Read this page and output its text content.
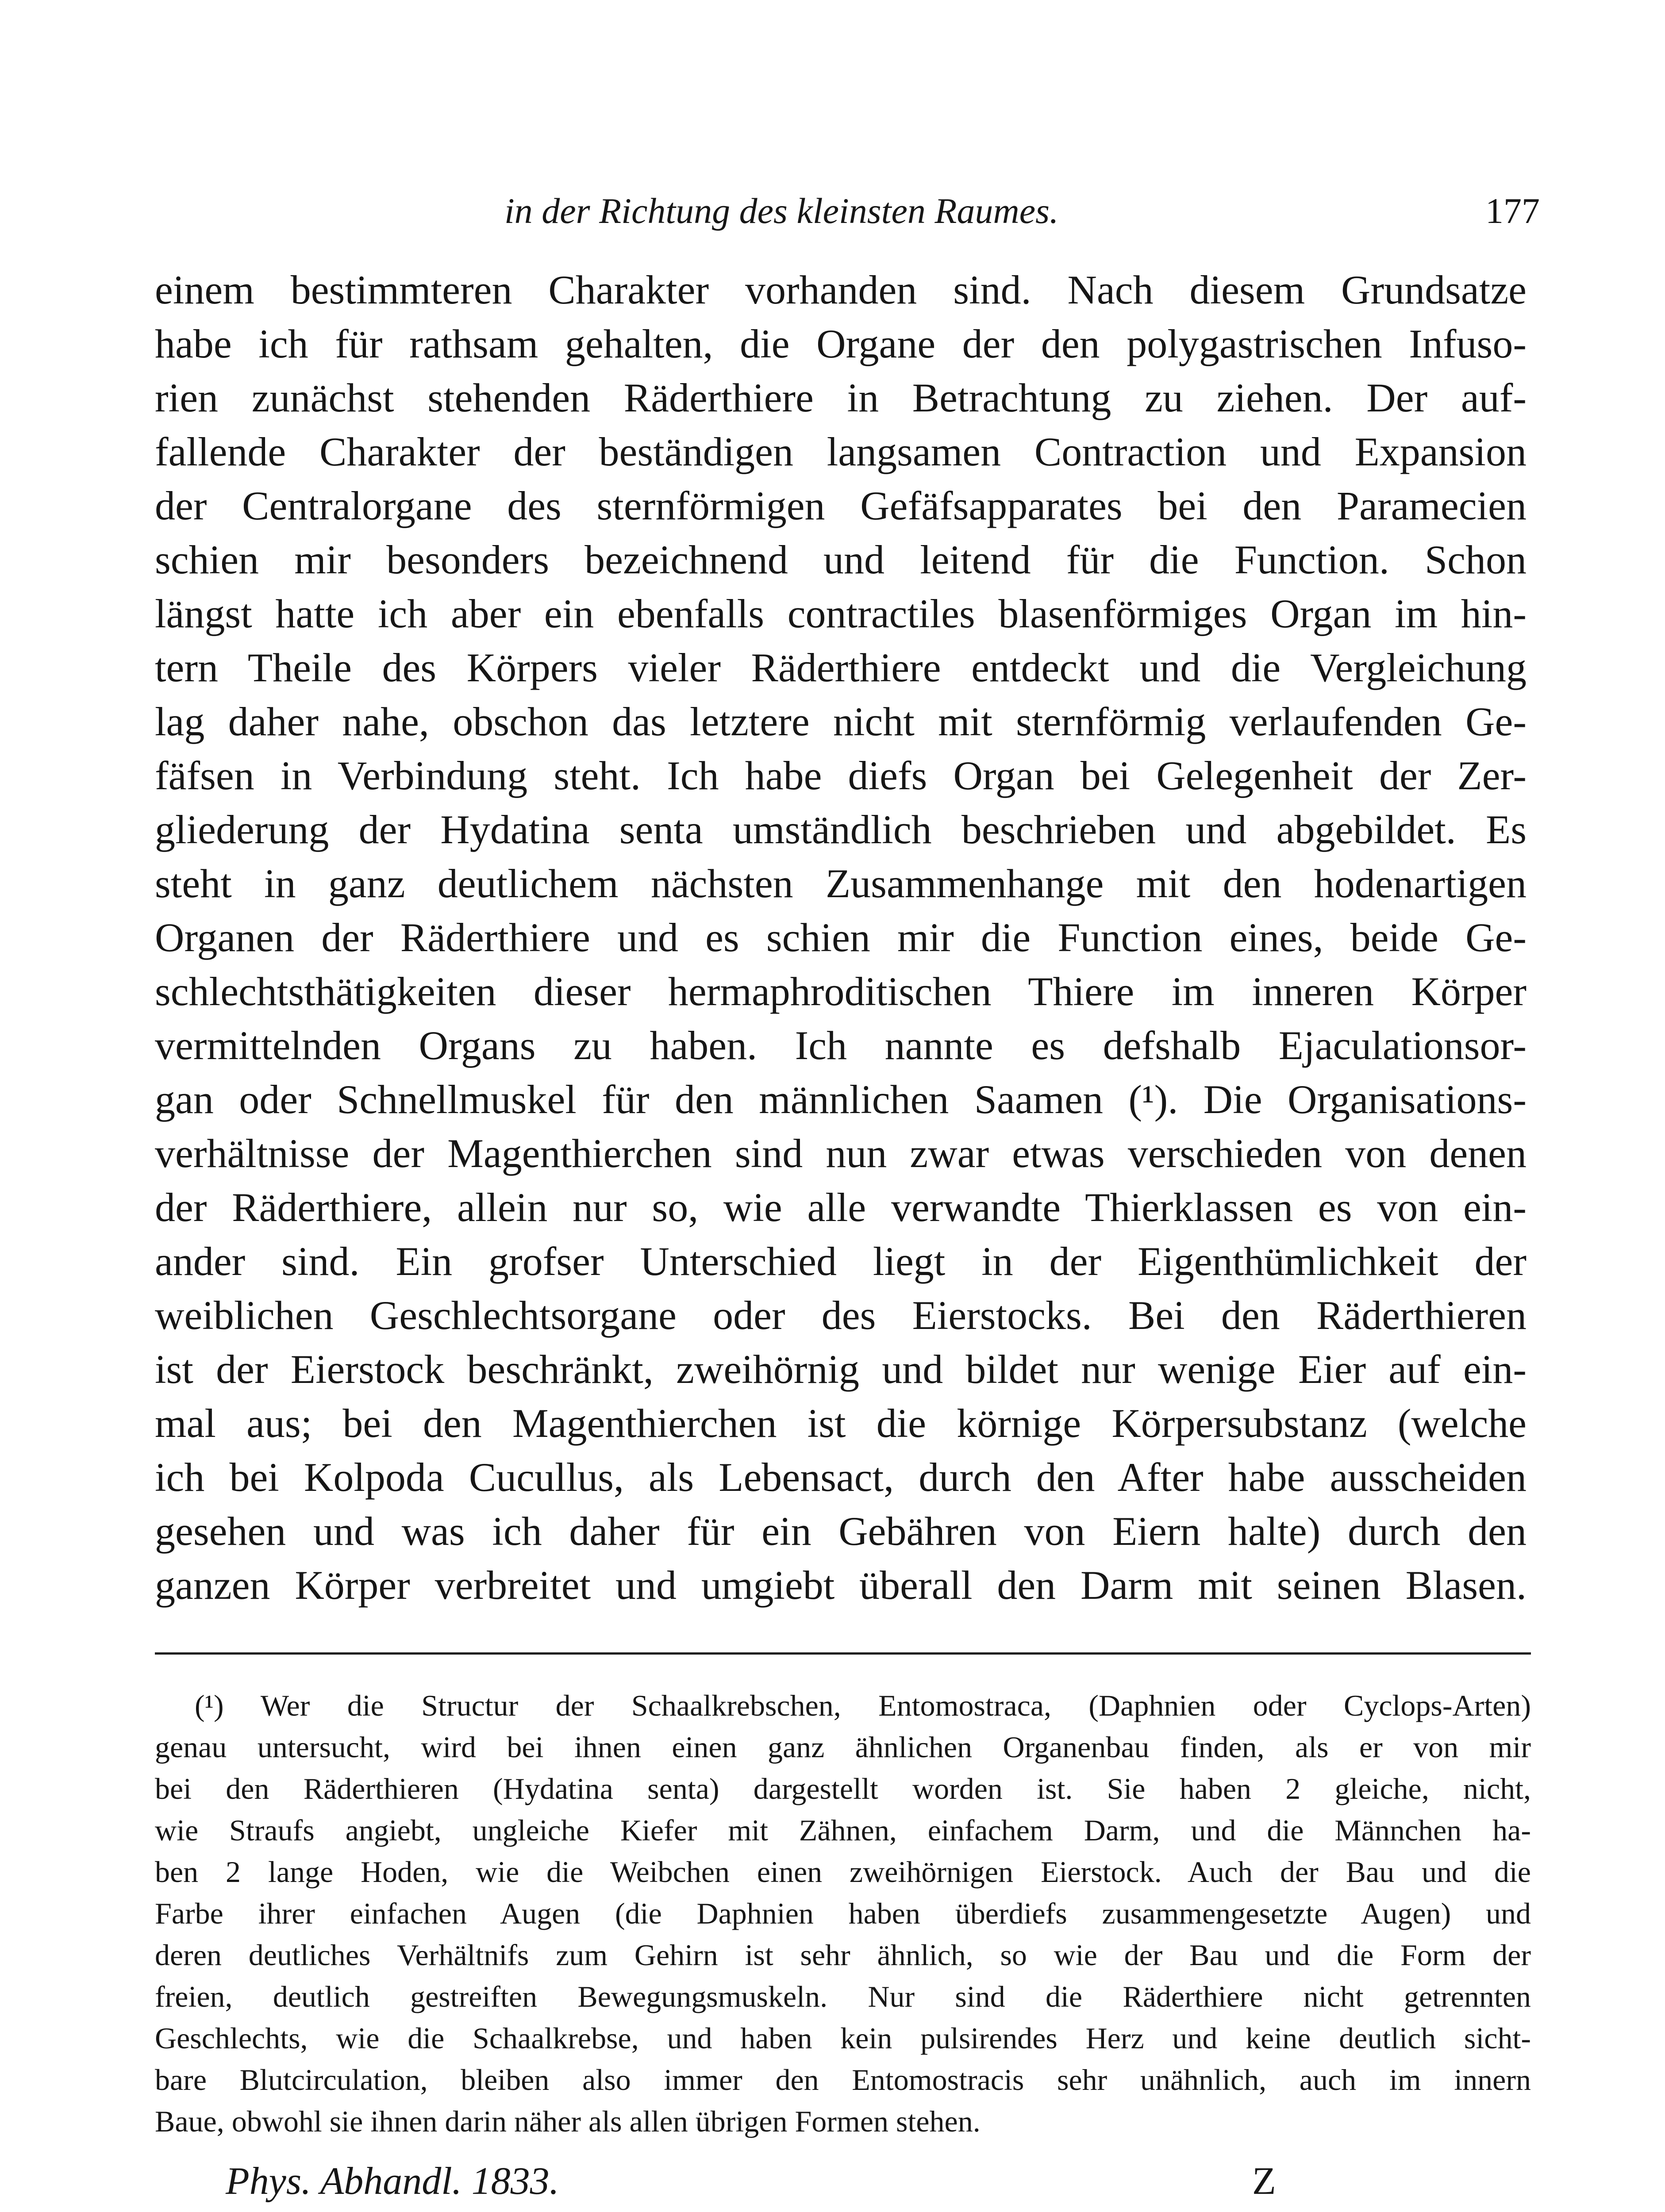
in der Richtung des kleinsten Raumes.	177
einem bestimmteren Charakter vorhanden sind. Nach diesem Grundsatze
habe ich für rathsam gehalten, die Organe der den polygastrischen Infuso-
rien zunächst stehenden Räderthiere in Betrachtung zu ziehen. Der auf-
fallende Charakter der beständigen langsamen Contraction und Expansion
der Centralorgane des sternförmigen Gefäfsapparates bei den Paramecien
schien mir besonders bezeichnend und leitend für die Function. Schon
längst hatte ich aber ein ebenfalls contractiles blasenförmiges Organ im hin-
tern Theile des Körpers vieler Räderthiere entdeckt und die Vergleichung
lag daher nahe, obschon das letztere nicht mit sternförmig verlaufenden Ge-
fäfsen in Verbindung steht. Ich habe diefs Organ bei Gelegenheit der Zer-
gliederung der Hydatina senta umständlich beschrieben und abgebildet. Es
steht in ganz deutlichem nächsten Zusammenhange mit den hodenartigen
Organen der Räderthiere und es schien mir die Function eines, beide Ge-
schlechtsthätigkeiten dieser hermaphroditischen Thiere im inneren Körper
vermittelnden Organs zu haben. Ich nannte es defshalb Ejaculationsor-
gan oder Schnellmuskel für den männlichen Saamen (¹). Die Organisations-
verhältnisse der Magenthierchen sind nun zwar etwas verschieden von denen
der Räderthiere, allein nur so, wie alle verwandte Thierklassen es von ein-
ander sind. Ein grofser Unterschied liegt in der Eigenthümlichkeit der
weiblichen Geschlechtsorgane oder des Eierstocks. Bei den Räderthieren
ist der Eierstock beschränkt, zweihörnig und bildet nur wenige Eier auf ein-
mal aus; bei den Magenthierchen ist die körnige Körpersubstanz (welche
ich bei Kolpoda Cucullus, als Lebensact, durch den After habe ausscheiden
gesehen und was ich daher für ein Gebähren von Eiern halte) durch den
ganzen Körper verbreitet und umgiebt überall den Darm mit seinen Blasen.
(¹) Wer die Structur der Schaalkrebschen, Entomostraca, (Daphnien oder Cyclops-Arten)
genau untersucht, wird bei ihnen einen ganz ähnlichen Organenbau finden, als er von mir
bei den Räderthieren (Hydatina senta) dargestellt worden ist. Sie haben 2 gleiche, nicht,
wie Straufs angiebt, ungleiche Kiefer mit Zähnen, einfachem Darm, und die Männchen ha-
ben 2 lange Hoden, wie die Weibchen einen zweihörnigen Eierstock. Auch der Bau und die
Farbe ihrer einfachen Augen (die Daphnien haben überdiefs zusammengesetzte Augen) und
deren deutliches Verhältnifs zum Gehirn ist sehr ähnlich, so wie der Bau und die Form der
freien, deutlich gestreiften Bewegungsmuskeln. Nur sind die Räderthiere nicht getrennten
Geschlechts, wie die Schaalkrebse, und haben kein pulsirendes Herz und keine deutlich sicht-
bare Blutcirculation, bleiben also immer den Entomostracis sehr unähnlich, auch im innern
Baue, obwohl sie ihnen darin näher als allen übrigen Formen stehen.
Phys. Abhandl. 1833.	Z
